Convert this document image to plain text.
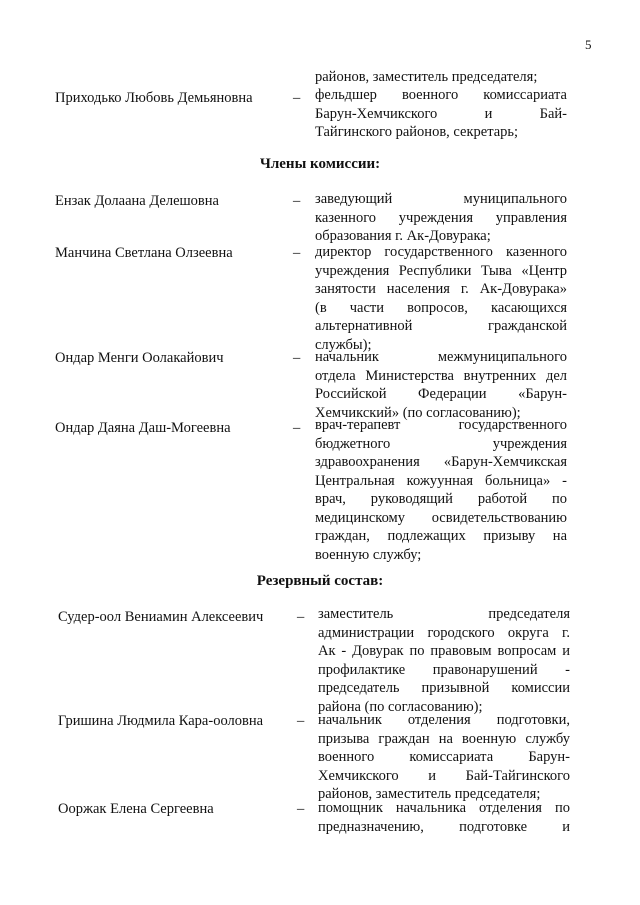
5
районов, заместитель председателя;
Приходько Любовь Демьяновна	– фельдшер военного комиссариата
Барун-Хемчикского и Бай-
Тайгинского районов, секретарь;
Члены комиссии:
Ензак Долаана Делешовна	– заведующий муниципального
казенного учреждения управления
образования г. Ак-Довурака;
Манчина Светлана Олзеевна	– директор государственного казенного
учреждения Республики Тыва «Центр
занятости населения г. Ак-Довурака»
(в части вопросов, касающихся
альтернативной гражданской
службы);
Ондар Менги Оолакайович	– начальник межмуниципального
отдела Министерства внутренних дел
Российской Федерации «Барун-
Хемчикский» (по согласованию);
Ондар Даяна Даш-Могеевна	– врач-терапевт государственного
бюджетного учреждения
здравоохранения «Барун-Хемчикская
Центральная кожуунная больница» -
врач, руководящий работой по
медицинскому освидетельствованию
граждан, подлежащих призыву на
военную службу;
Резервный состав:
Судер-оол Вениамин Алексеевич – заместитель председателя
администрации городского округа г.
Ак - Довурак по правовым вопросам и
профилактике правонарушений -
председатель призывной комиссии
района (по согласованию);
Гришина Людмила Кара-ооловна – начальник отделения подготовки,
призыва граждан на военную службу
военного комиссариата Барун-
Хемчикского и Бай-Тайгинского
районов, заместитель председателя;
Ооржак Елена Сергеевна	– помощник начальника отделения по
предназначению, подготовке и
